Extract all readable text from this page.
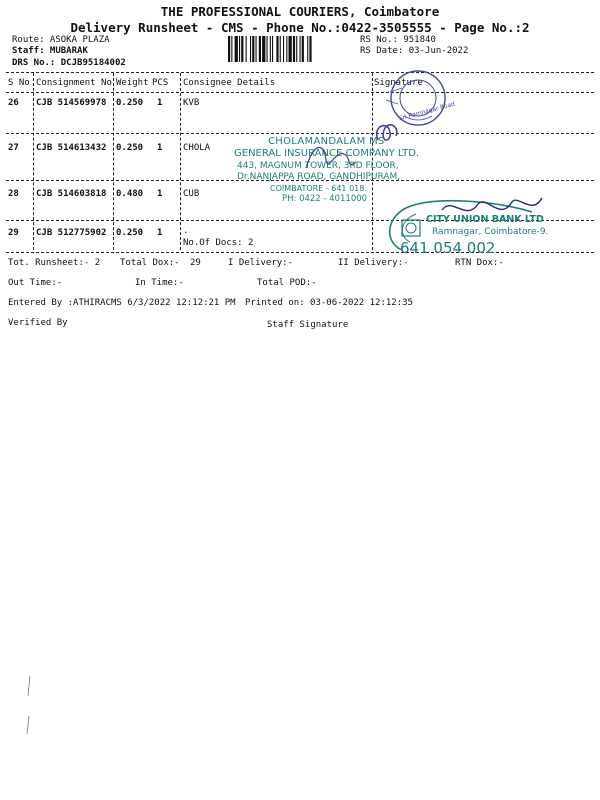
THE PROFESSIONAL COURIERS, Coimbatore
Delivery Runsheet - CMS - Phone No.:0422-3505555 - Page No.:2
Route: ASOKA PLAZA
Staff: MUBARAK
DRS No.: DCJB95184002
RS No.: 951840
RS Date: 03-Jun-2022
S No Consignment No Weight PCS Consignee Details	Signature
26 CJB 514569978 0.250 1 KVB
27 CJB 514613432 0.250 1 CHOLA
28 CJB 514603818 0.480 1 CUB
29 CJB 512775902 0.250 1 .
No.Of Docs: 2
Tot. Runsheet:- 2 Total Dox:- 29	I Delivery:-	II Delivery:-	RTN Dox:-
Out Time:-	In Time:-	Total POD:-
Entered By :ATHIRACMS 6/3/2022 12:12:21 PM Printed on: 03-06-2022 12:12:35
Verified By	Staff Signature
Sri Ramnagar Road
CHOLAMANDALAM MS
GENERAL INSURANCE COMPANY LTD.
443, MAGNUM TOWER, 3RD FLOOR,
Dr.NANJAPPA ROAD, GANDHIPURAM,
COIMBATORE - 641 018.
PH: 0422 - 4011000
CITY UNION BANK LTD
Ramnagar, Coimbatore-9.
641 054 002
